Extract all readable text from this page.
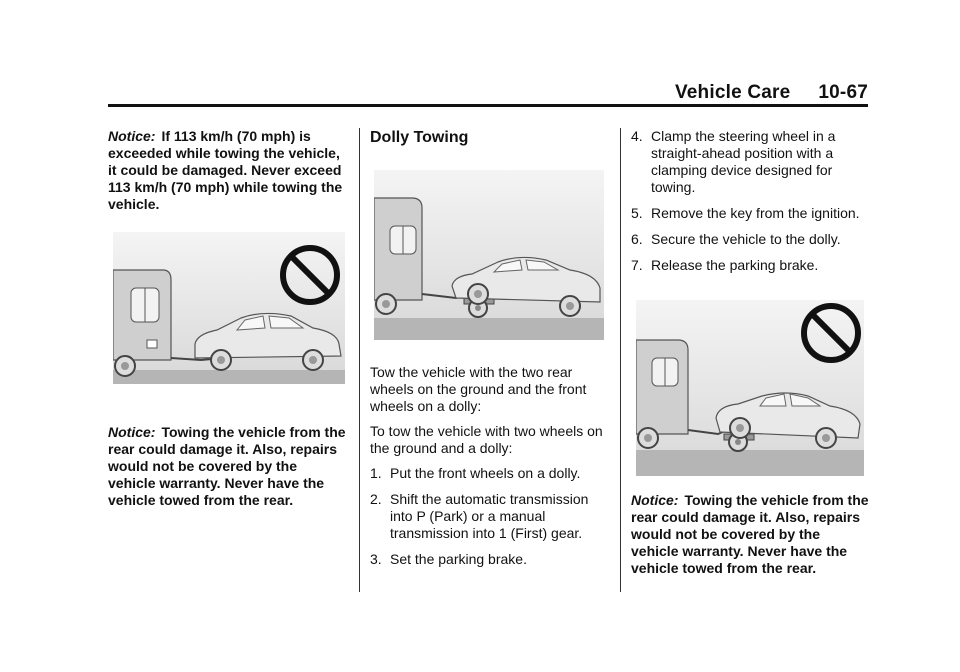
Vehicle Care 10-67

Notice: If 113 km/h (70 mph) is exceeded while towing the vehicle, it could be damaged. Never exceed 113 km/h (70 mph) while towing the vehicle.

Notice: Towing the vehicle from the rear could damage it. Also, repairs would not be covered by the vehicle warranty. Never have the vehicle towed from the rear.

Dolly Towing

Tow the vehicle with the two rear wheels on the ground and the front wheels on a dolly:

To tow the vehicle with two wheels on the ground and a dolly:

1. Put the front wheels on a dolly.
2. Shift the automatic transmission into P (Park) or a manual transmission into 1 (First) gear.
3. Set the parking brake.
4. Clamp the steering wheel in a straight-ahead position with a clamping device designed for towing.
5. Remove the key from the ignition.
6. Secure the vehicle to the dolly.
7. Release the parking brake.

Notice: Towing the vehicle from the rear could damage it. Also, repairs would not be covered by the vehicle warranty. Never have the vehicle towed from the rear.
